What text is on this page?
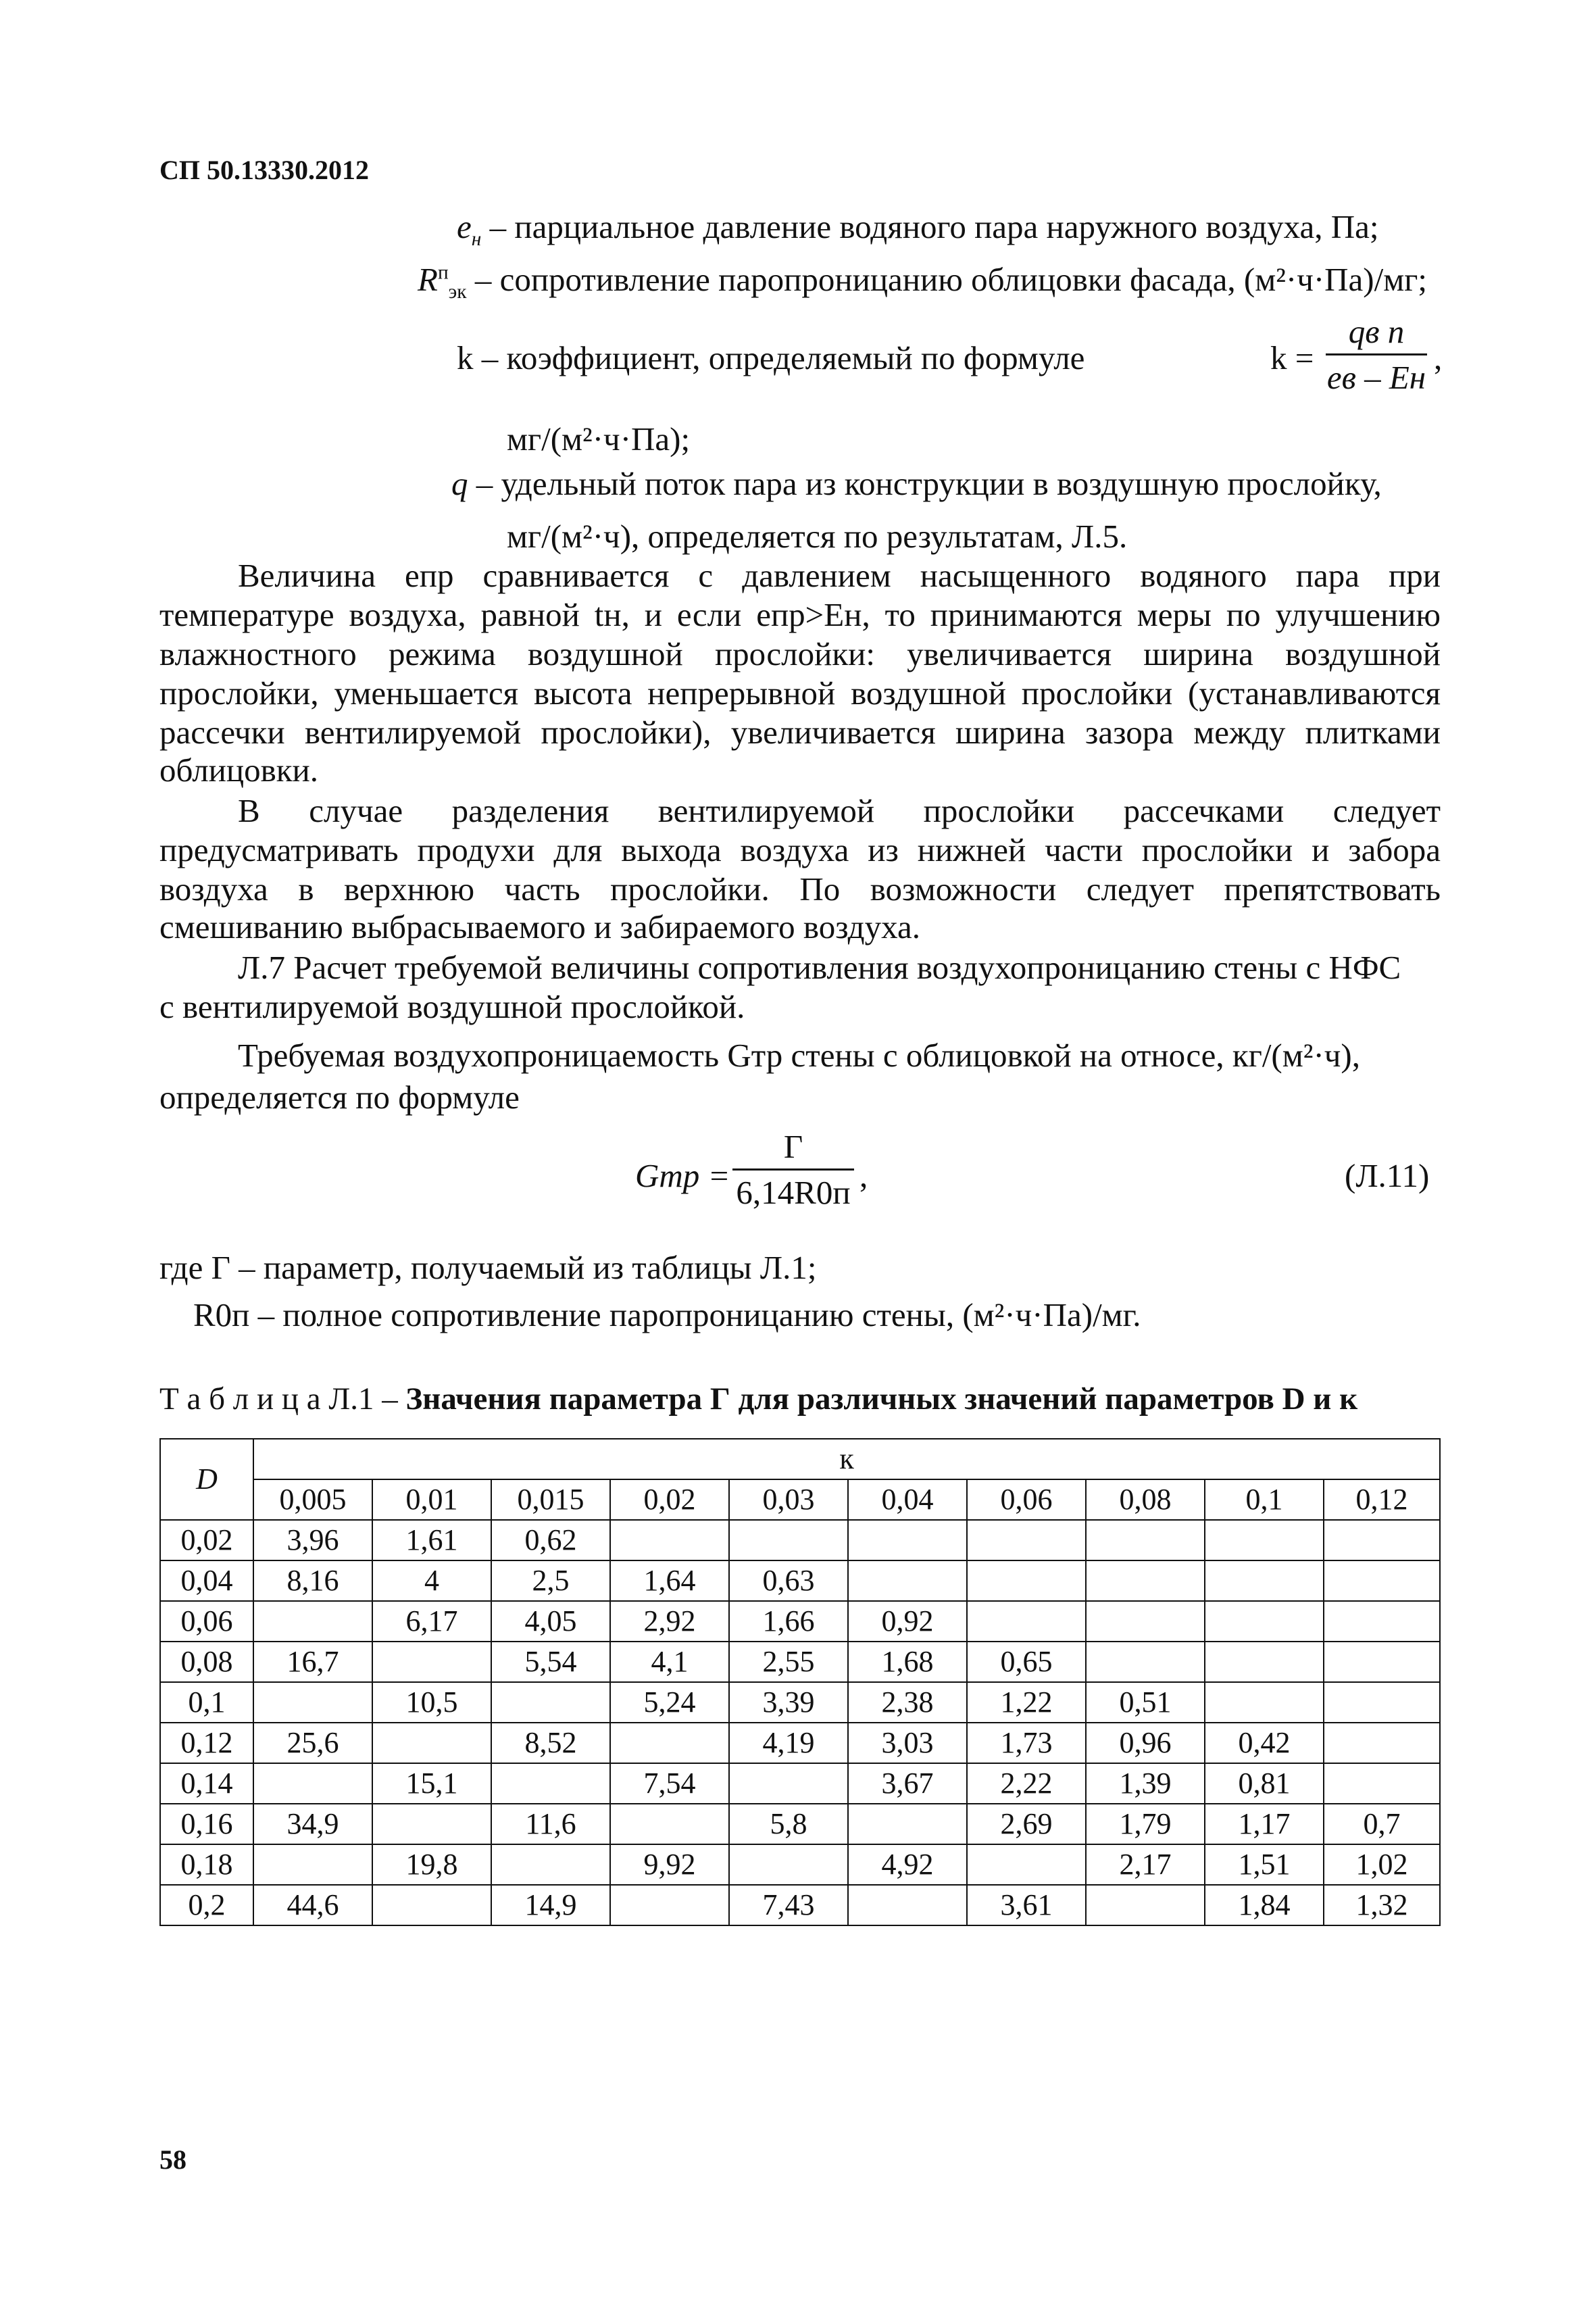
СП 50.13330.2012
$e_н$ – парциальное давление водяного пара наружного воздуха, Па;
$R^п_{эк}$ – сопротивление паропроницанию облицовки фасада, (м²·ч·Па)/мг;
k – коэффициент, определяемый по формуле	k =
qв п
eв – Eн
,
мг/(м²·ч·Па);
q – удельный поток пара из конструкции в воздушную прослойку,
мг/(м²·ч), определяется по результатам, Л.5.
Величина eпр сравнивается с давлением насыщенного водяного пара при
температуре воздуха, равной tн, и если eпр>Eн, то принимаются меры по улучшению
влажностного режима воздушной прослойки: увеличивается ширина воздушной
прослойки, уменьшается высота непрерывной воздушной прослойки (устанавливаются
рассечки вентилируемой прослойки), увеличивается ширина зазора между плитками
облицовки.
В случае разделения вентилируемой прослойки рассечками следует
предусматривать продухи для выхода воздуха из нижней части прослойки и забора
воздуха в верхнюю часть прослойки. По возможности следует препятствовать
смешиванию выбрасываемого и забираемого воздуха.
Л.7 Расчет требуемой величины сопротивления воздухопроницанию стены с НФС
с вентилируемой воздушной прослойкой.
Требуемая воздухопроницаемость Gтр стены с облицовкой на относе, кг/(м²·ч),
определяется по формуле
Gтр =
Г
6,14R0п ,	(Л.11)
где Г – параметр, получаемый из таблицы Л.1;
R0п – полное сопротивление паропроницанию стены, (м²·ч·Па)/мг.
Т а б л и ц а Л.1 – Значения параметра Г для различных значений параметров D и к
D	к									
	0,005	0,01	0,015	0,02	0,03	0,04	0,06	0,08	0,1	0,12
0,02	3,96	1,61	0,62							
0,04	8,16	4	2,5	1,64	0,63					
0,06		6,17	4,05	2,92	1,66	0,92				
0,08	16,7		5,54	4,1	2,55	1,68	0,65			
0,1		10,5		5,24	3,39	2,38	1,22	0,51		
0,12	25,6		8,52		4,19	3,03	1,73	0,96	0,42	
0,14		15,1		7,54		3,67	2,22	1,39	0,81	
0,16	34,9		11,6		5,8		2,69	1,79	1,17	0,7
0,18		19,8		9,92		4,92		2,17	1,51	1,02
0,2	44,6		14,9		7,43		3,61		1,84	1,32
58
